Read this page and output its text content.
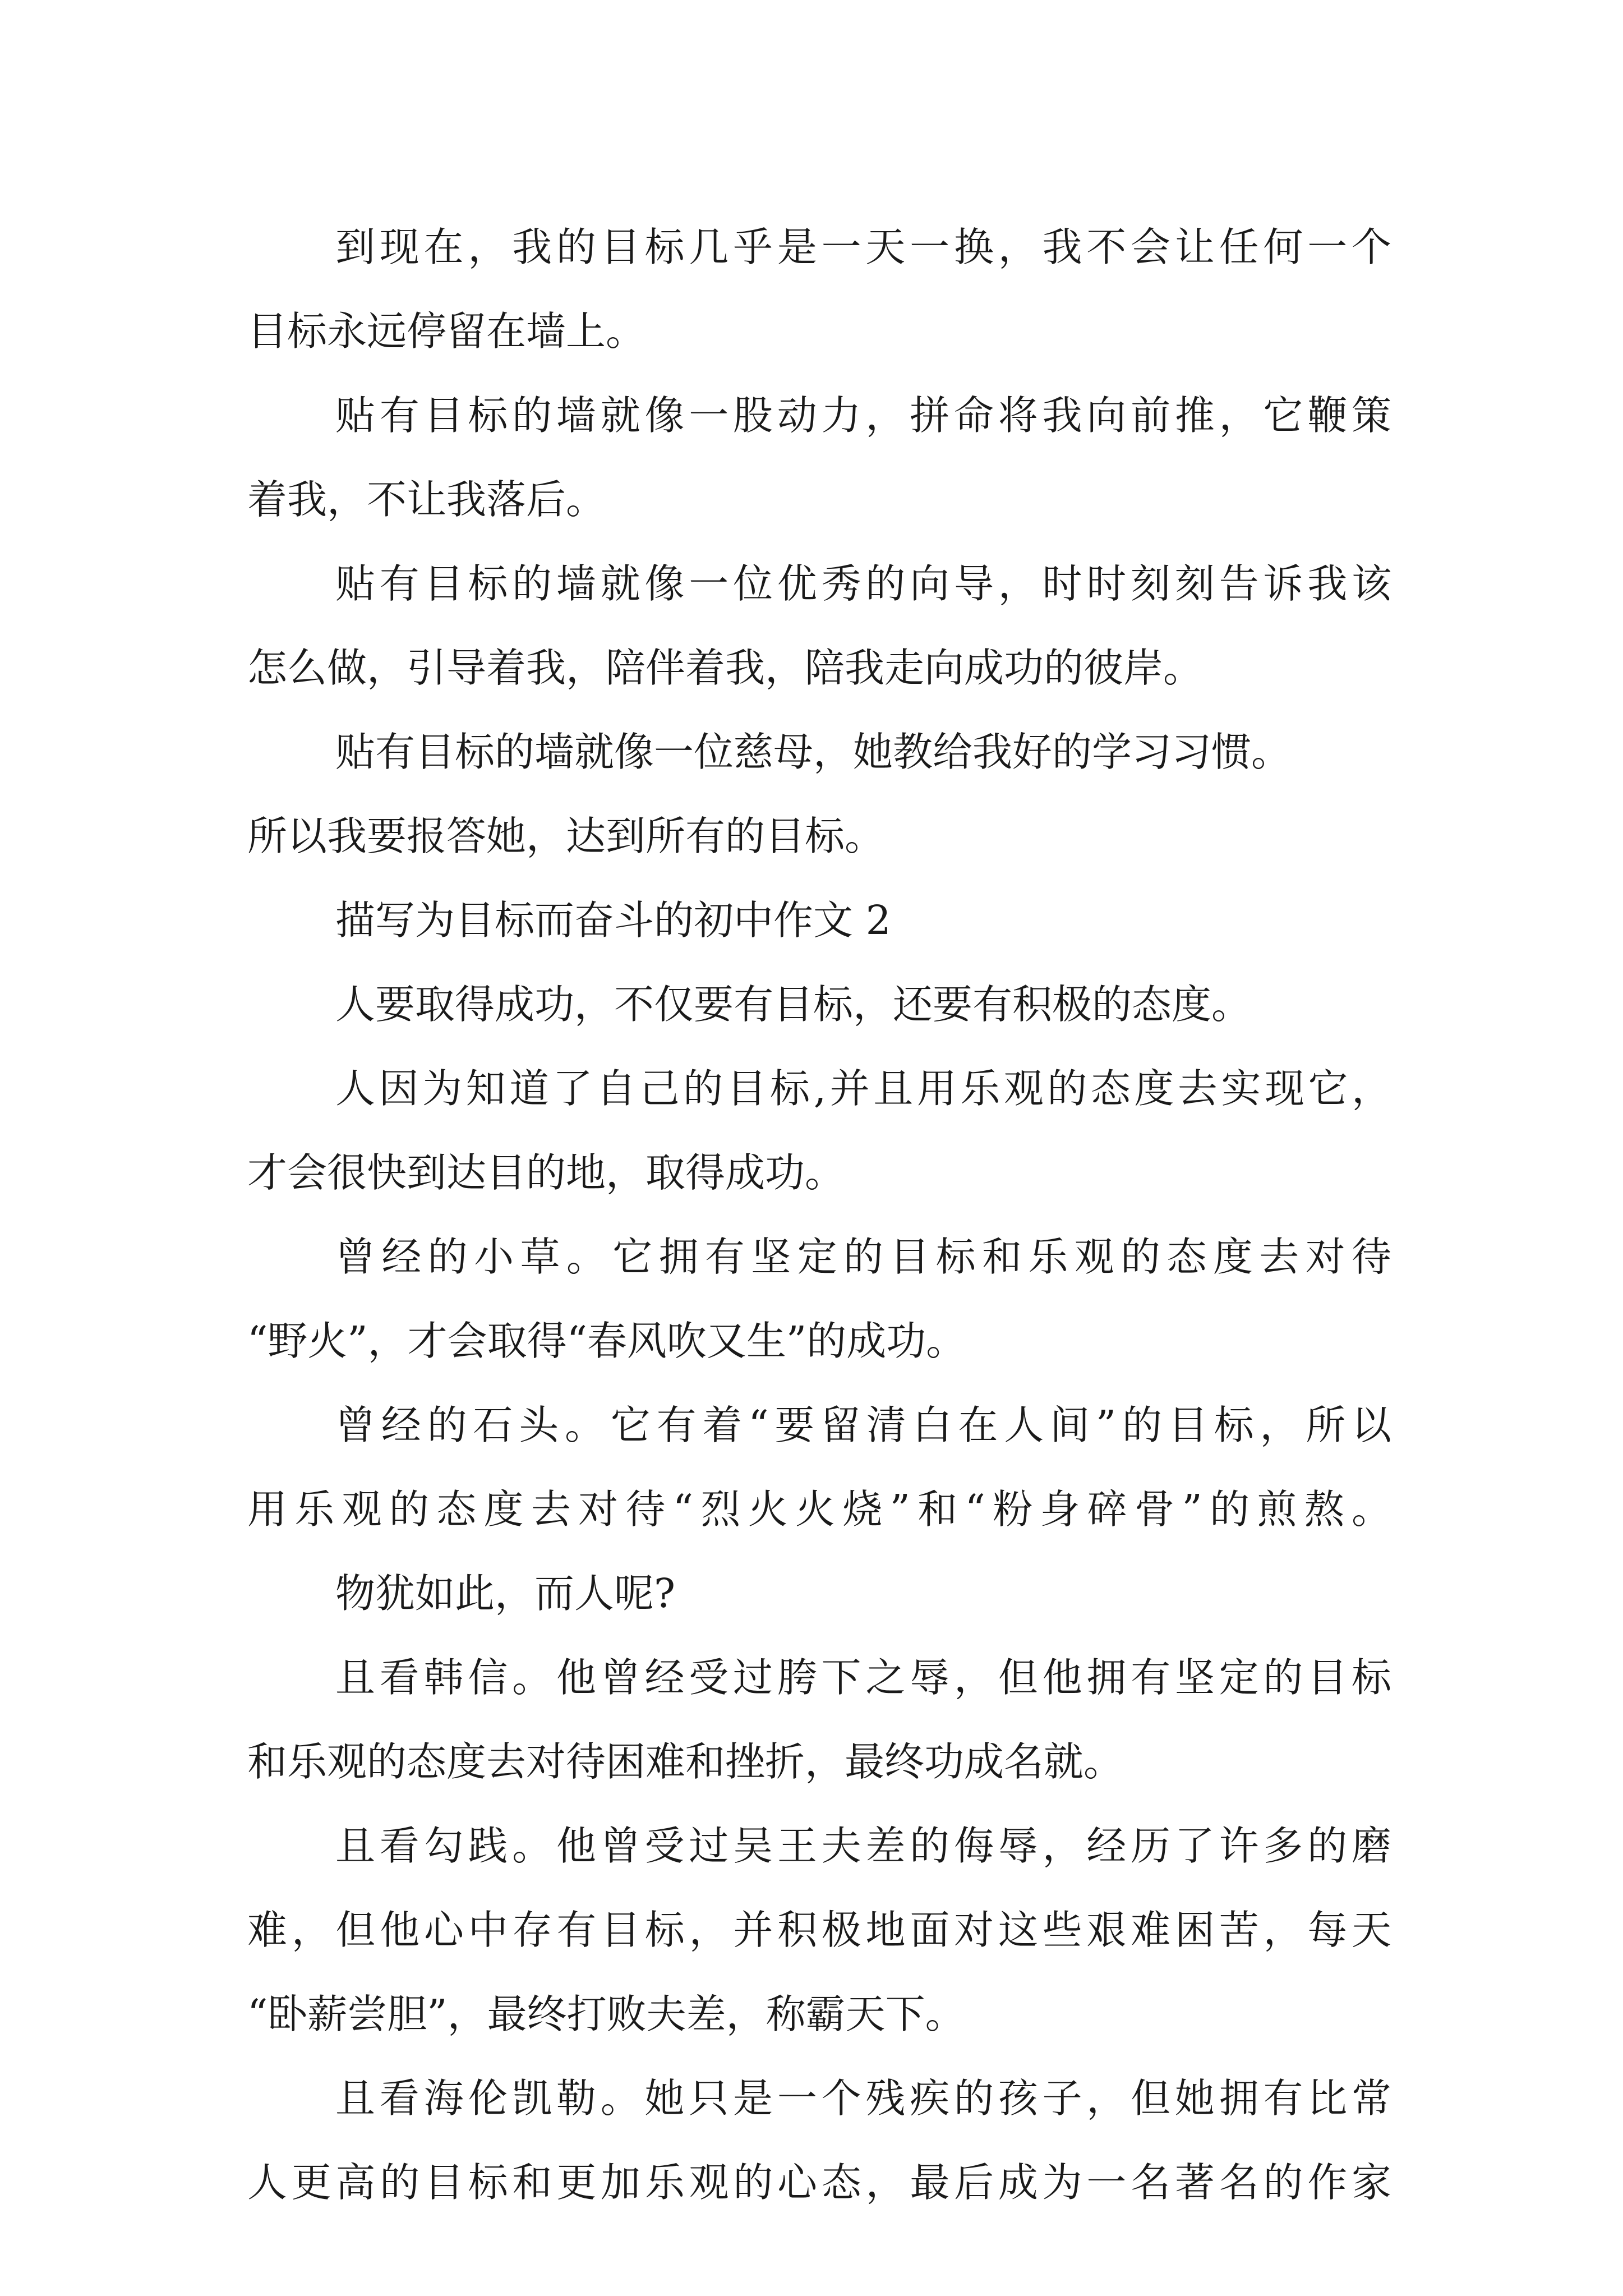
到现在，我的目标几乎是一天一换，我不会让任何一个
目标永远停留在墙上。
贴有目标的墙就像一股动力，拼命将我向前推，它鞭策
着我，不让我落后。
贴有目标的墙就像一位优秀的向导，时时刻刻告诉我该
怎么做，引导着我，陪伴着我，陪我走向成功的彼岸。
贴有目标的墙就像一位慈母，她教给我好的学习习惯。
所以我要报答她，达到所有的目标。
描写为目标而奋斗的初中作文 2
人要取得成功，不仅要有目标，还要有积极的态度。
人因为知道了自己的目标,并且用乐观的态度去实现它，
才会很快到达目的地，取得成功。
曾经的小草。它拥有坚定的目标和乐观的态度去对待
“野火”，才会取得“春风吹又生”的成功。
曾经的石头。它有着“要留清白在人间”的目标，所以
用乐观的态度去对待“烈火火烧”和“粉身碎骨”的煎熬。
物犹如此，而人呢?
且看韩信。他曾经受过胯下之辱，但他拥有坚定的目标
和乐观的态度去对待困难和挫折，最终功成名就。
且看勾践。他曾受过吴王夫差的侮辱，经历了许多的磨
难，但他心中存有目标，并积极地面对这些艰难困苦，每天
“卧薪尝胆”，最终打败夫差，称霸天下。
且看海伦凯勒。她只是一个残疾的孩子，但她拥有比常
人更高的目标和更加乐观的心态，最后成为一名著名的作家
